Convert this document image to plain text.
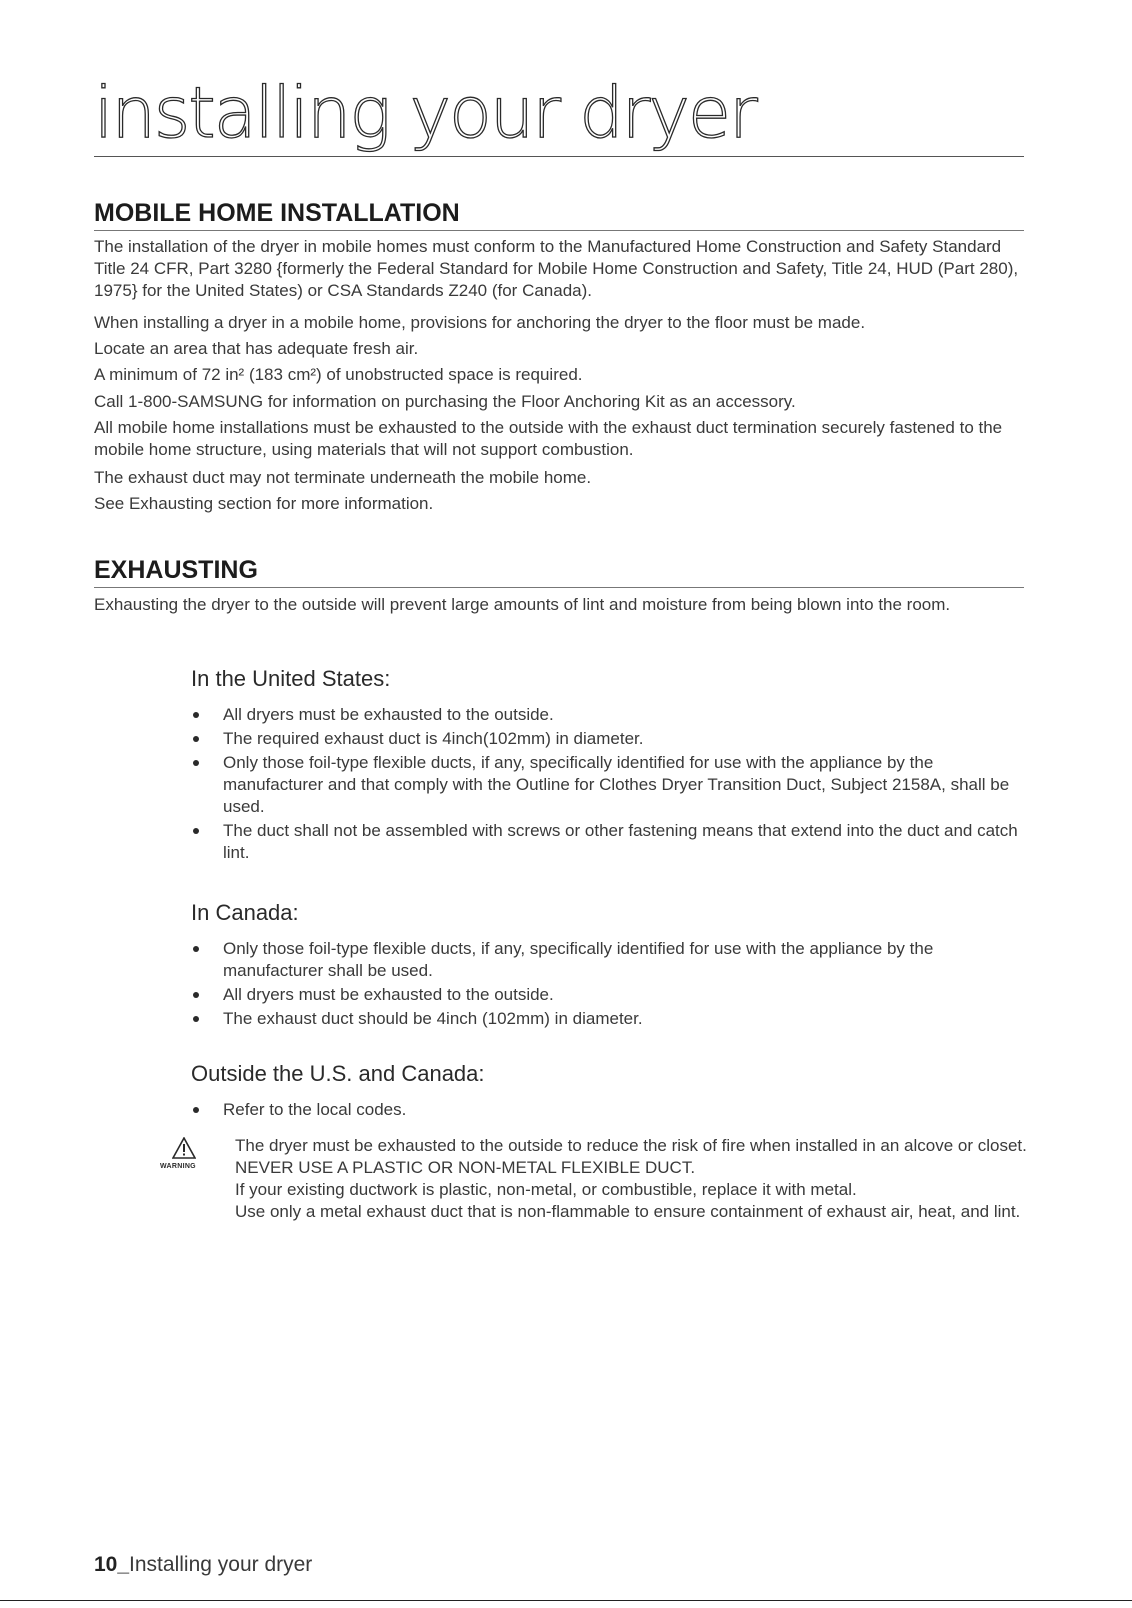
installing your dryer
MOBILE HOME INSTALLATION

The installation of the dryer in mobile homes must conform to the Manufactured Home Construction and Safety Standard Title 24 CFR, Part 3280 {formerly the Federal Standard for Mobile Home Construction and Safety, Title 24, HUD (Part 280), 1975} for the United States) or CSA Standards Z240 (for Canada).

When installing a dryer in a mobile home, provisions for anchoring the dryer to the floor must be made.

Locate an area that has adequate fresh air.

A minimum of 72 in² (183 cm²) of unobstructed space is required.

Call 1-800-SAMSUNG for information on purchasing the Floor Anchoring Kit as an accessory.

All mobile home installations must be exhausted to the outside with the exhaust duct termination securely fastened to the mobile home structure, using materials that will not support combustion.

The exhaust duct may not terminate underneath the mobile home.

See Exhausting section for more information.

EXHAUSTING

Exhausting the dryer to the outside will prevent large amounts of lint and moisture from being blown into the room.

In the United States:

All dryers must be exhausted to the outside.
The required exhaust duct is 4inch(102mm) in diameter.
Only those foil-type flexible ducts, if any, specifically identified for use with the appliance by the manufacturer and that comply with the Outline for Clothes Dryer Transition Duct, Subject 2158A, shall be used.
The duct shall not be assembled with screws or other fastening means that extend into the duct and catch lint.

In Canada:

Only those foil-type flexible ducts, if any, specifically identified for use with the appliance by the manufacturer shall be used.
All dryers must be exhausted to the outside.
The exhaust duct should be 4inch (102mm) in diameter.

Outside the U.S. and Canada:

Refer to the local codes.
WARNING

The dryer must be exhausted to the outside to reduce the risk of fire when installed in an alcove or closet.

NEVER USE A PLASTIC OR NON-METAL FLEXIBLE DUCT.

If your existing ductwork is plastic, non-metal, or combustible, replace it with metal.

Use only a metal exhaust duct that is non-flammable to ensure containment of exhaust air, heat, and lint.

10_Installing your dryer
